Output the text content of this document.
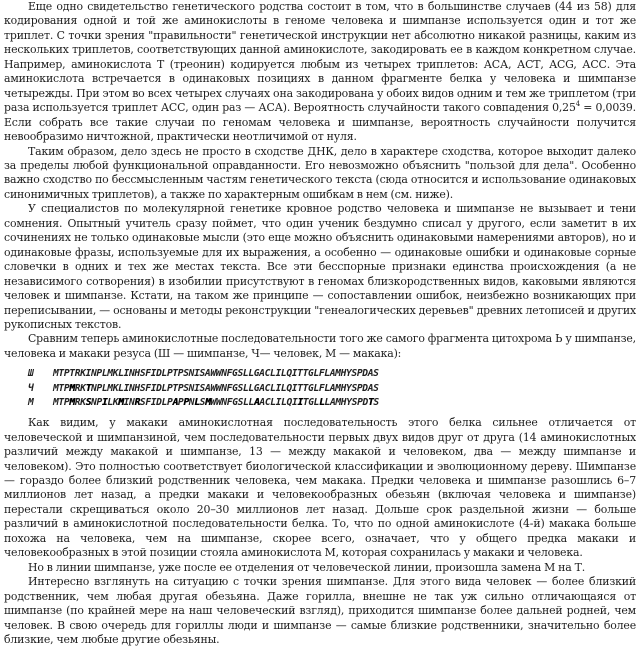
Еще одно свидетельство генетического родства состоит в том, что в большинстве случаев (44 из 58) для кодирования одной и той же аминокислоты в геноме человека и шимпанзе используется один и тот же триплет. С точки зрения "правильности" генетической инструкции нет абсолютно никакой разницы, каким из нескольких триплетов, соответствующих данной аминокислоте, закодировать ее в каждом конкретном случае. Например, аминокислота Т (треонин) кодируется любым из четырех триплетов: АСА, АСТ, ACG, АСС. Эта аминокислота встречается в одинаковых позициях в данном фрагменте белка у человека и шимпанзе четырежды. При этом во всех четырех случаях она закодирована у обоих видов одним и тем же триплетом (три раза используется триплет АСС, один раз — АСА). Вероятность случайности такого совпадения $0,25^4 = 0,0039$. Если собрать все такие случаи по геномам человека и шимпанзе, вероятность случайности получится невообразимо ничтожной, практически неотличимой от нуля.

Таким образом, дело здесь не просто в сходстве ДНК, дело в характере сходства, которое выходит далеко за пределы любой функциональной оправданности. Его невозможно объяснить "пользой для дела". Особенно важно сходство по бессмысленным частям генетического текста (сюда относится и использование одинаковых синонимичных триплетов), а также по характерным ошибкам в нем (см. ниже).

У специалистов по молекулярной генетике кровное родство человека и шимпанзе не вызывает и тени сомнения. Опытный учитель сразу поймет, что один ученик бездумно списал у другого, если заметит в их сочинениях не только одинаковые мысли (это еще можно объяснить одинаковыми намерениями авторов), но и одинаковые фразы, используемые для их выражения, а особенно — одинаковые ошибки и одинаковые сорные словечки в одних и тех же местах текста. Все эти бесспорные признаки единства происхождения (а не независимого сотворения) в изобилии присутствуют в геномах близкородственных видов, каковыми являются человек и шимпанзе. Кстати, на таком же принципе — сопоставлении ошибок, неизбежно возникающих при переписывании, — основаны и методы реконструкции "генеалогических деревьев" древних летописей и других рукописных текстов.

Сравним теперь аминокислотные последовательности того же самого фрагмента цитохрома Ь у шимпанзе, человека и макаки резуса (Ш — шимпанзе, Ч— человек, М — макака):

Ш	MTPTRKINPLMKLINHSFIDLPTPSNISAWWNFGSLLGACLILQITTGLFLAMHYSPDAS
Ч	MTPMRKTNPLMKLINHSFIDLPTPSNISAWWNFGSLLGACLILQITTGLFLAMHYSPDAS
М	MTPMRKSNPILKMINRSFIDLPAPPNLSMWWNFGSLLAACLILQIITGLLLAMHYSPDTS

Как видим, у макаки аминокислотная последовательность этого белка сильнее отличается от человеческой и шимпанзиной, чем последовательности первых двух видов друг от друга (14 аминокислотных различий между макакой и шимпанзе, 13 — между макакой и человеком, два — между шимпанзе и человеком). Это полностью соответствует биологической классификации и эволюционному дереву. Шимпанзе — гораздо более близкий родственник человека, чем макака. Предки человека и шимпанзе разошлись 6–7 миллионов лет назад, а предки макаки и человекообразных обезьян (включая человека и шимпанзе) перестали скрещиваться около 20–30 миллионов лет назад. Дольше срок раздельной жизни — больше различий в аминокислотной последовательности белка. То, что по одной аминокислоте (4-й) макака больше похожа на человека, чем на шимпанзе, скорее всего, означает, что у общего предка макаки и человекообразных в этой позиции стояла аминокислота М, которая сохранилась у макаки и человека.

Но в линии шимпанзе, уже после ее отделения от человеческой линии, произошла замена М на Т.

Интересно взглянуть на ситуацию с точки зрения шимпанзе. Для этого вида человек — более близкий родственник, чем любая другая обезьяна. Даже горилла, внешне не так уж сильно отличающаяся от шимпанзе (по крайней мере на наш человеческий взгляд), приходится шимпанзе более дальней родней, чем человек. В свою очередь для гориллы люди и шимпанзе — самые близкие родственники, значительно более близкие, чем любые другие обезьяны.
